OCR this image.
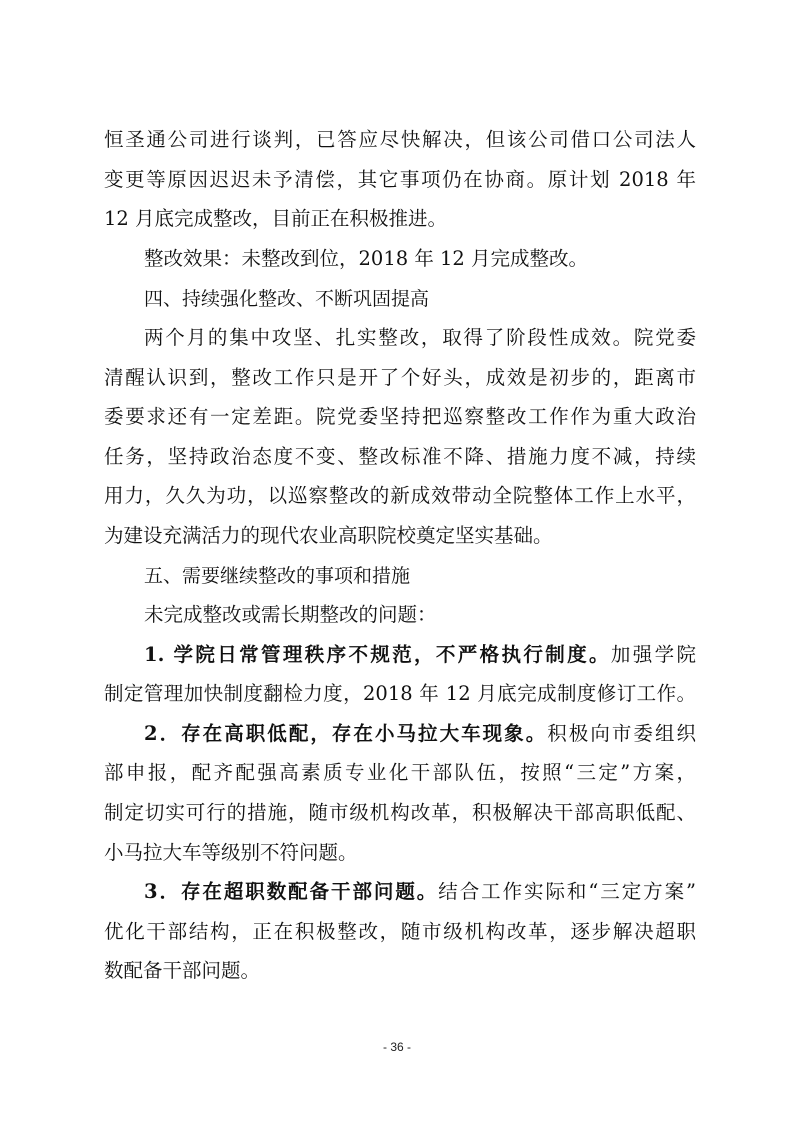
恒圣通公司进行谈判，已答应尽快解决，但该公司借口公司法人
变更等原因迟迟未予清偿，其它事项仍在协商。原计划 2018 年
12 月底完成整改，目前正在积极推进。
整改效果：未整改到位，2018 年 12 月完成整改。
四、持续强化整改、不断巩固提高
两个月的集中攻坚、扎实整改，取得了阶段性成效。院党委
清醒认识到，整改工作只是开了个好头，成效是初步的，距离市
委要求还有一定差距。院党委坚持把巡察整改工作作为重大政治
任务，坚持政治态度不变、整改标准不降、措施力度不减，持续
用力，久久为功，以巡察整改的新成效带动全院整体工作上水平，
为建设充满活力的现代农业高职院校奠定坚实基础。
五、需要继续整改的事项和措施
未完成整改或需长期整改的问题：
1. 学院日常管理秩序不规范，不严格执行制度。加强学院
制定管理加快制度翻检力度，2018 年 12 月底完成制度修订工作。
2．存在高职低配，存在小马拉大车现象。积极向市委组织
部申报，配齐配强高素质专业化干部队伍，按照“三定”方案，
制定切实可行的措施，随市级机构改革，积极解决干部高职低配、
小马拉大车等级别不符问题。
3．存在超职数配备干部问题。结合工作实际和“三定方案”
优化干部结构，正在积极整改，随市级机构改革，逐步解决超职
数配备干部问题。
- 36 -
